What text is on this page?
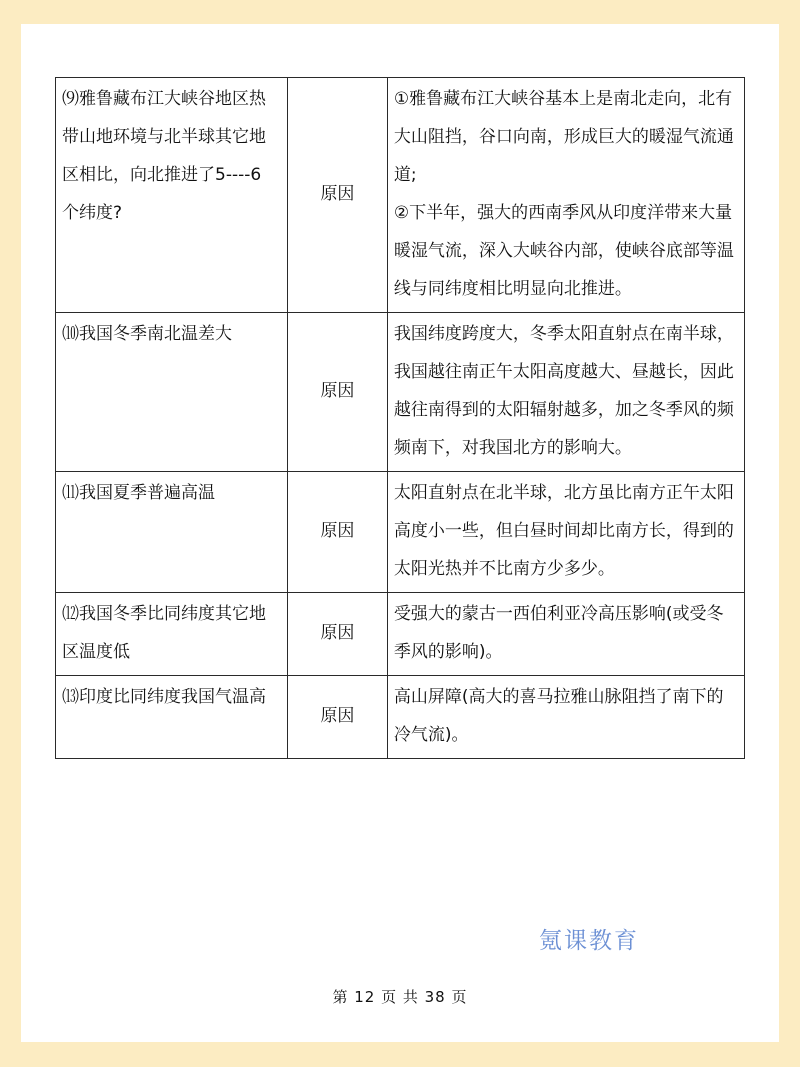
⑼雅鲁藏布江大峡谷地区热带山地环境与北半球其它地区相比，向北推进了5----6 个纬度?	原因	①雅鲁藏布江大峡谷基本上是南北走向，北有大山阻挡，谷口向南，形成巨大的暖湿气流通道;
②下半年，强大的西南季风从印度洋带来大量暖湿气流，深入大峡谷内部，使峡谷底部等温线与同纬度相比明显向北推进。

⑽我国冬季南北温差大	原因	我国纬度跨度大，冬季太阳直射点在南半球，我国越往南正午太阳高度越大、昼越长，因此越往南得到的太阳辐射越多，加之冬季风的频频南下，对我国北方的影响大。

⑾我国夏季普遍高温	原因	太阳直射点在北半球，北方虽比南方正午太阳高度小一些，但白昼时间却比南方长，得到的太阳光热并不比南方少多少。

⑿我国冬季比同纬度其它地区温度低	原因	受强大的蒙古一西伯利亚冷高压影响(或受冬季风的影响)。

⒀印度比同纬度我国气温高	原因	高山屏障(高大的喜马拉雅山脉阻挡了南下的冷气流)。
氪课教育
第 12 页 共 38 页
